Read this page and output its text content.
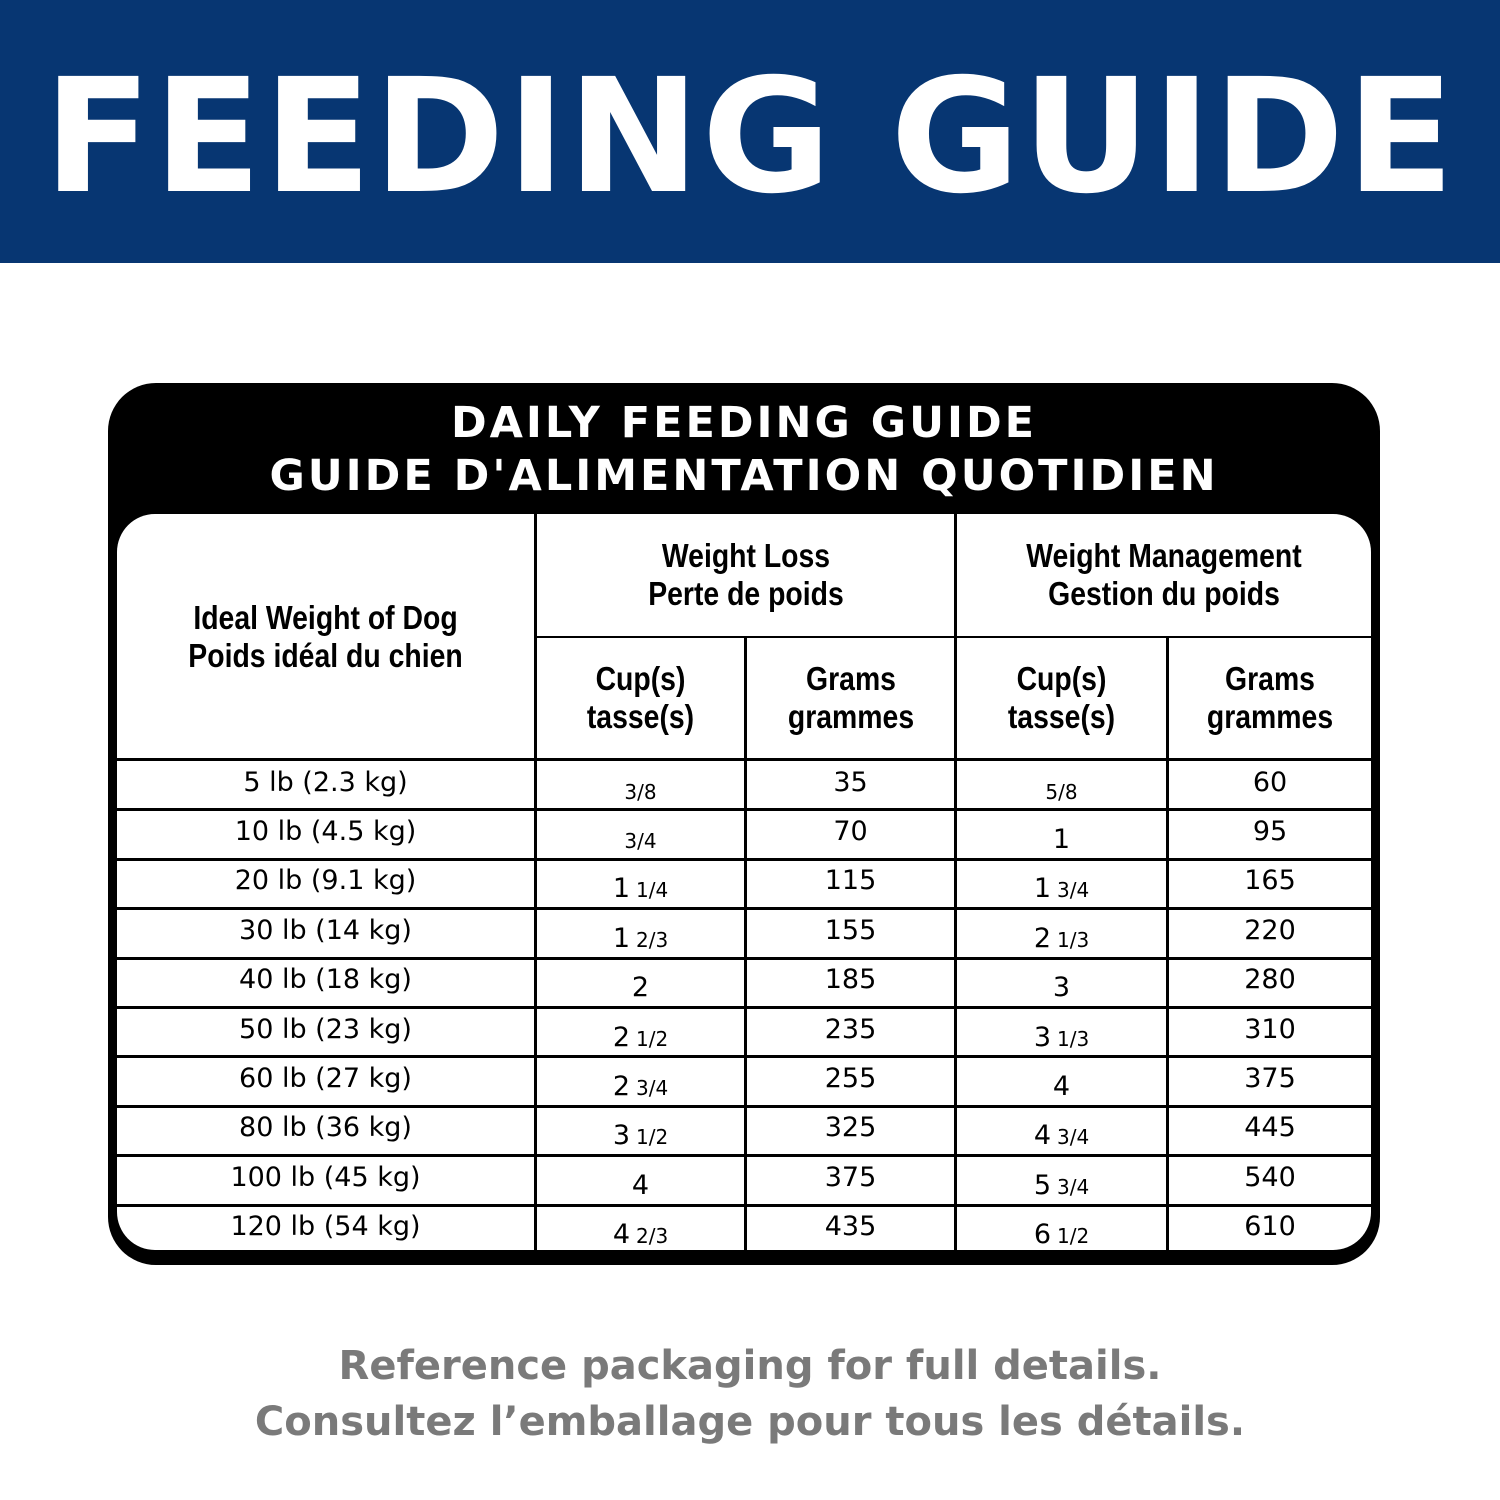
FEEDING GUIDE
DAILY FEEDING GUIDE
GUIDE D'ALIMENTATION QUOTIDIEN
Ideal Weight of Dog
Poids idéal du chien
Weight Loss
Perte de poids
Weight Management
Gestion du poids
Cup(s)
tasse(s)
Grams
grammes
Cup(s)
tasse(s)
Grams
grammes
5 lb (2.3 kg)	3/8	35	5/8	60
10 lb (4.5 kg)	3/4	70	1	95
20 lb (9.1 kg)	1 1/4	115	1 3/4	165
30 lb (14 kg)	1 2/3	155	2 1/3	220
40 lb (18 kg)	2	185	3	280
50 lb (23 kg)	2 1/2	235	3 1/3	310
60 lb (27 kg)	2 3/4	255	4	375
80 lb (36 kg)	3 1/2	325	4 3/4	445
100 lb (45 kg)	4	375	5 3/4	540
120 lb (54 kg)	4 2/3	435	6 1/2	610
Reference packaging for full details.
Consultez l’emballage pour tous les détails.
